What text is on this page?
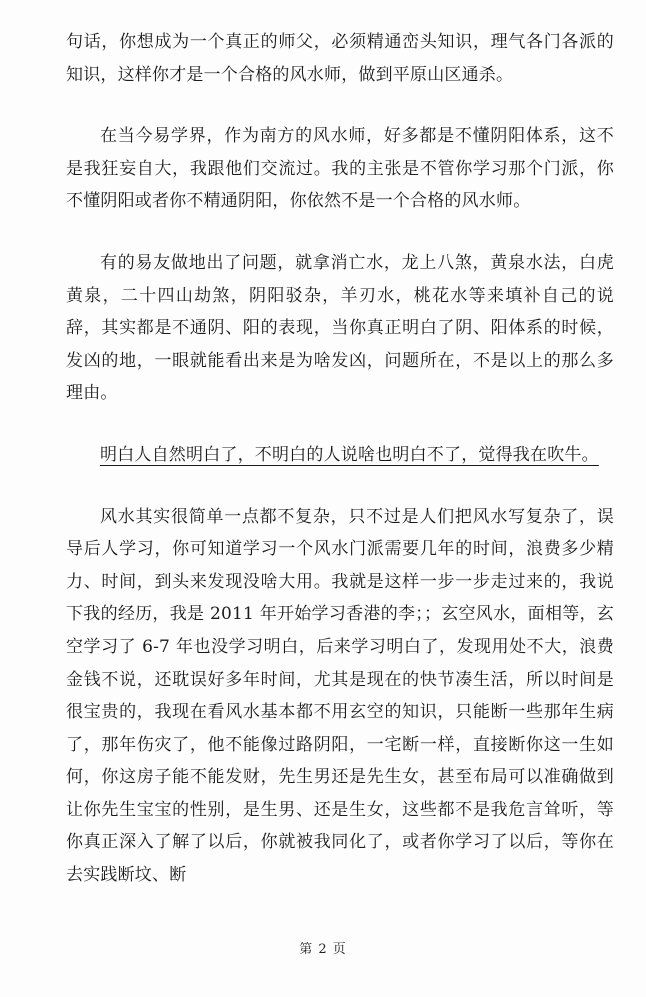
句话，你想成为一个真正的师父，必须精通峦头知识，理气各门各派的知识，这样你才是一个合格的风水师，做到平原山区通杀。

在当今易学界，作为南方的风水师，好多都是不懂阴阳体系，这不是我狂妄自大，我跟他们交流过。我的主张是不管你学习那个门派，你不懂阴阳或者你不精通阴阳，你依然不是一个合格的风水师。

有的易友做地出了问题，就拿消亡水，龙上八煞，黄泉水法，白虎黄泉，二十四山劫煞，阴阳驳杂，羊刃水，桃花水等来填补自己的说辞，其实都是不通阴、阳的表现，当你真正明白了阴、阳体系的时候，发凶的地，一眼就能看出来是为啥发凶，问题所在，不是以上的那么多理由。

明白人自然明白了，不明白的人说啥也明白不了，觉得我在吹牛。

风水其实很简单一点都不复杂，只不过是人们把风水写复杂了，误导后人学习，你可知道学习一个风水门派需要几年的时间，浪费多少精力、时间，到头来发现没啥大用。我就是这样一步一步走过来的，我说下我的经历，我是 2011 年开始学习香港的李；；玄空风水，面相等，玄空学习了 6-7 年也没学习明白，后来学习明白了，发现用处不大，浪费金钱不说，还耽误好多年时间，尤其是现在的快节凑生活，所以时间是很宝贵的，我现在看风水基本都不用玄空的知识，只能断一些那年生病了，那年伤灾了，他不能像过路阴阳，一宅断一样，直接断你这一生如何，你这房子能不能发财，先生男还是先生女，甚至布局可以准确做到让你先生宝宝的性别，是生男、还是生女，这些都不是我危言耸听，等你真正深入了解了以后，你就被我同化了，或者你学习了以后，等你在去实践断坟、断

第 2 页
